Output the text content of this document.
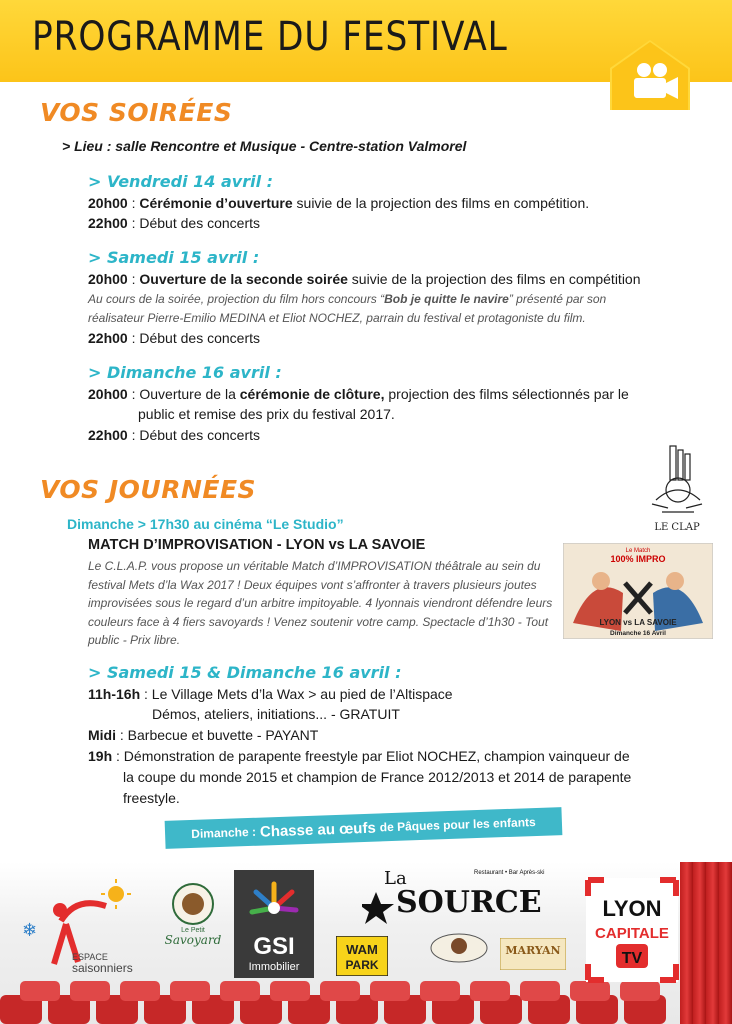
PROGRAMME DU FESTIVAL
VOS SOIRÉES
> Lieu : salle Rencontre et Musique - Centre-station Valmorel
> Vendredi 14 avril :
20h00 : Cérémonie d’ouverture suivie de la projection des films en compétition.
22h00 : Début des concerts
> Samedi 15 avril :
20h00 : Ouverture de la seconde soirée suivie de la projection des films en compétition
Au cours de la soirée, projection du film hors concours “Bob je quitte le navire” présenté par son réalisateur Pierre-Emilio MEDINA et Eliot NOCHEZ, parrain du festival et protagoniste du film.
22h00 : Début des concerts
> Dimanche 16 avril :
20h00 : Ouverture de la cérémonie de clôture, projection des films sélectionnés par le
public et remise des prix du festival 2017.
22h00 : Début des concerts
LE CLAP
VOS JOURNÉES
Dimanche > 17h30 au cinéma “Le Studio”
MATCH D’IMPROVISATION - LYON vs LA SAVOIE
Le C.L.A.P. vous propose un véritable Match d’IMPROVISATION théâtrale au sein du festival Mets d’la Wax 2017 ! Deux équipes vont s’affronter à travers plusieurs joutes improvisées sous le regard d’un arbitre impitoyable. 4 lyonnais viendront défendre leurs couleurs face à 4 fiers savoyards ! Venez soutenir votre camp. Spectacle d’1h30 - Tout public - Prix libre.
Le Match
100% IMPRO
LYON vs LA SAVOIE
Dimanche 16 Avril
> Samedi 15 & Dimanche 16 avril :
11h-16h : Le Village Mets d’la Wax > au pied de l’Altispace
Démos, ateliers, initiations... - GRATUIT
Midi : Barbecue et buvette - PAYANT
19h : Démonstration de parapente freestyle par Eliot NOCHEZ, champion vainqueur de
la coupe du monde 2015 et champion de France 2012/2013 et 2014 de parapente
freestyle.
Dimanche : Chasse au œufs de Pâques pour les enfants
❄
ESPACE
saisonniers
Le Petit
Savoyard GSI
Immobilier
WAM
PARK
La	Restaurant • Bar Après-ski
SOURCE
MARYAN
LYON
CAPITALE
TV
